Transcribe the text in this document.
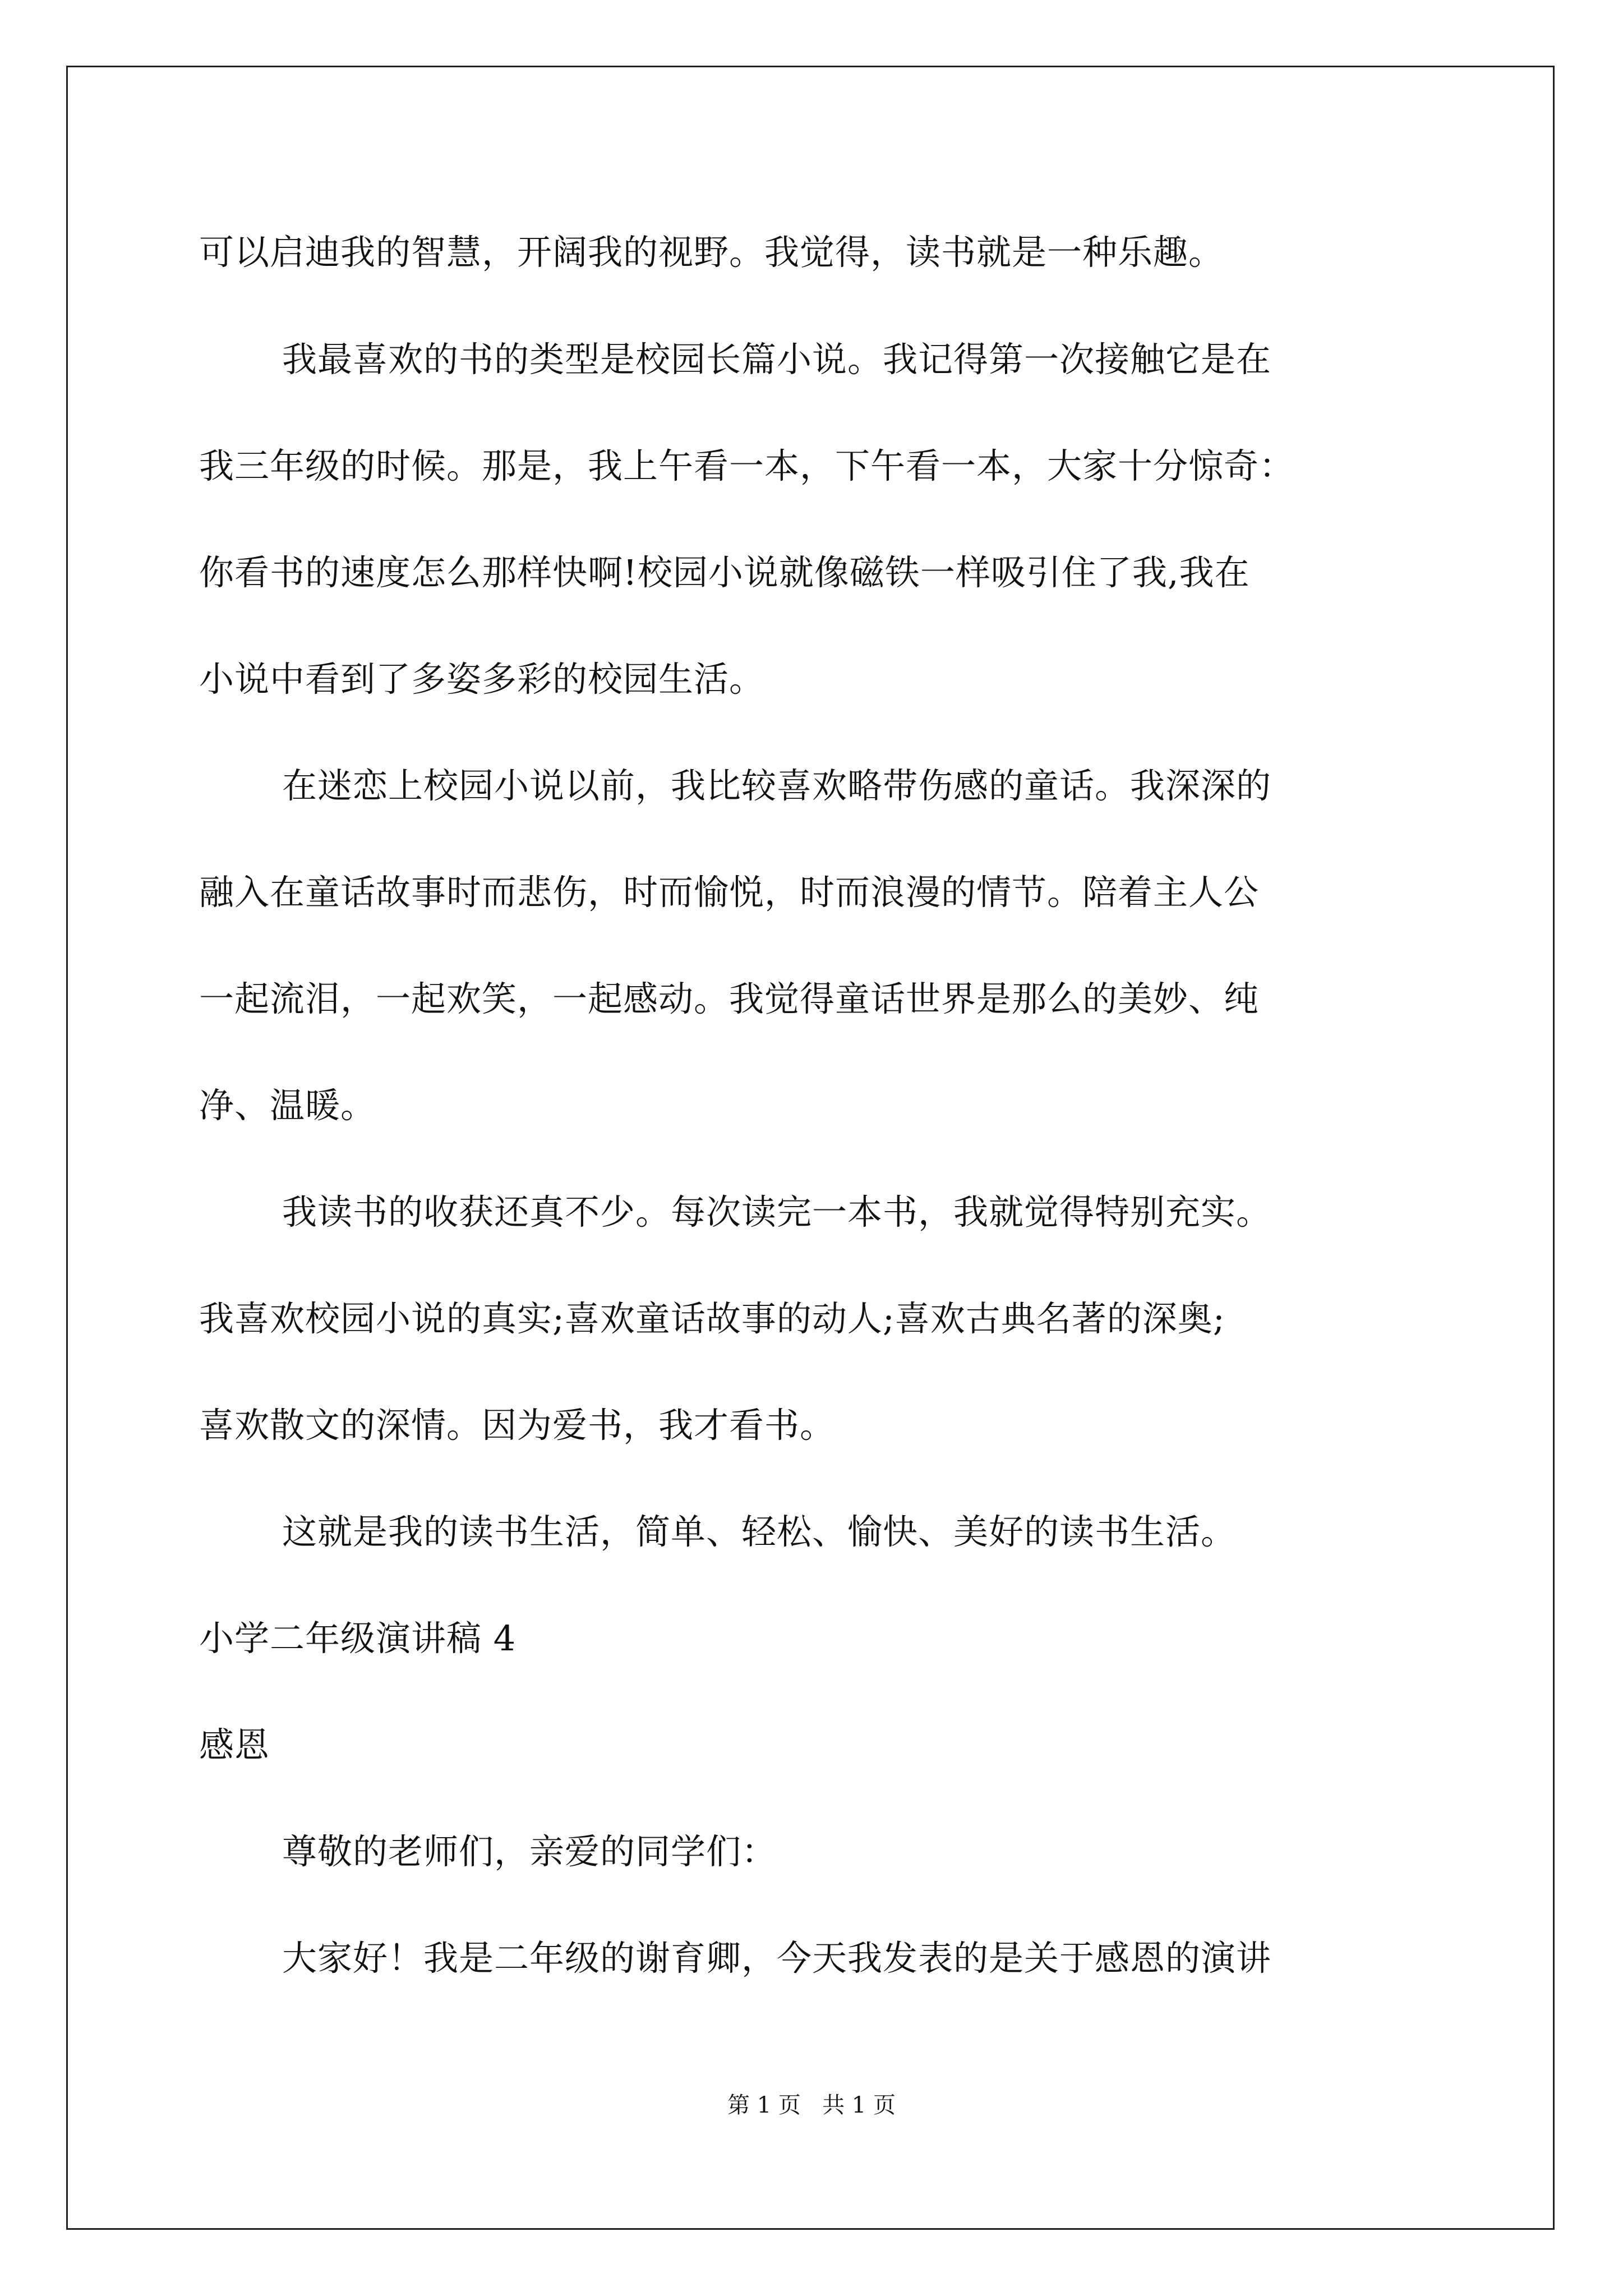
可以启迪我的智慧，开阔我的视野。我觉得，读书就是一种乐趣。
我最喜欢的书的类型是校园长篇小说。我记得第一次接触它是在
我三年级的时候。那是，我上午看一本，下午看一本，大家十分惊奇：
你看书的速度怎么那样快啊!校园小说就像磁铁一样吸引住了我,我在
小说中看到了多姿多彩的校园生活。
在迷恋上校园小说以前，我比较喜欢略带伤感的童话。我深深的
融入在童话故事时而悲伤，时而愉悦，时而浪漫的情节。陪着主人公
一起流泪，一起欢笑，一起感动。我觉得童话世界是那么的美妙、纯
净、温暖。
我读书的收获还真不少。每次读完一本书，我就觉得特别充实。
我喜欢校园小说的真实;喜欢童话故事的动人;喜欢古典名著的深奥;
喜欢散文的深情。因为爱书，我才看书。
这就是我的读书生活，简单、轻松、愉快、美好的读书生活。
小学二年级演讲稿 4
感恩
尊敬的老师们，亲爱的同学们：
大家好！我是二年级的谢育卿，今天我发表的是关于感恩的演讲
第 1 页   共 1 页
